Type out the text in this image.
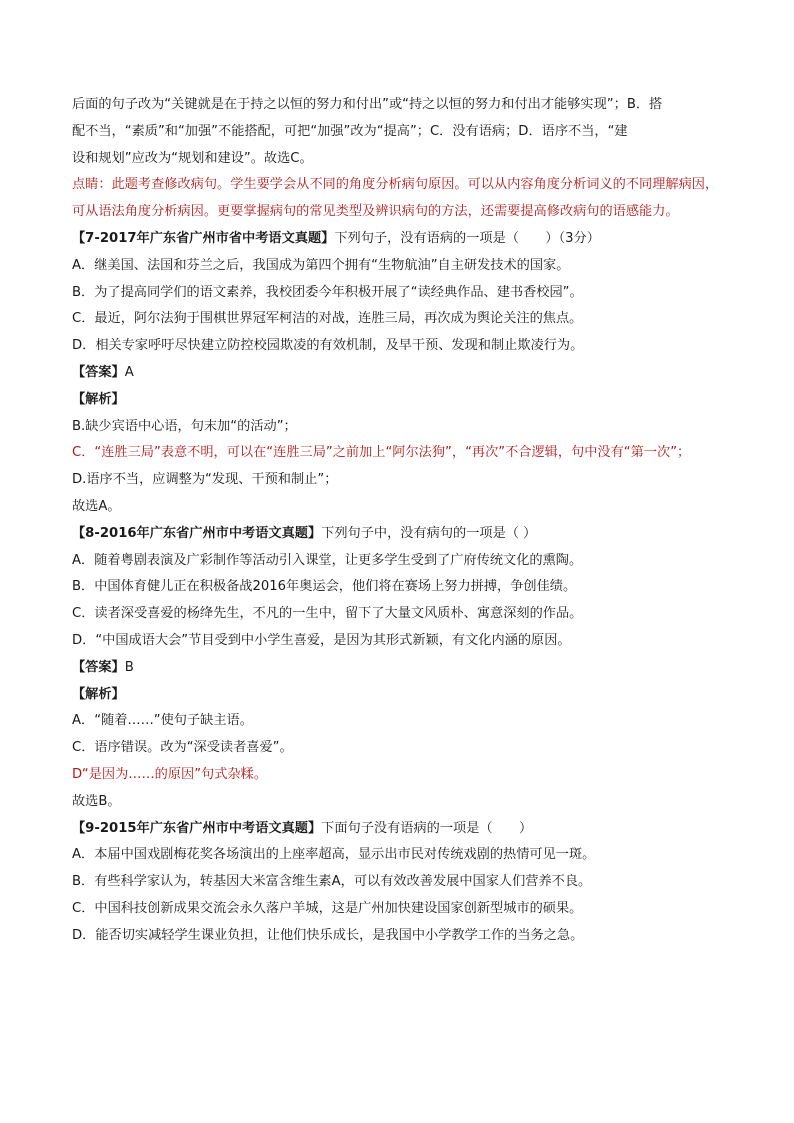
后面的句子改为“关键就是在于持之以恒的努力和付出”或“持之以恒的努力和付出才能够实现”；B．搭
配不当，“素质”和“加强”不能搭配，可把“加强”改为“提高”；C．没有语病；D．语序不当，“建
设和规划”应改为“规划和建设”。故选C。
点睛：此题考查修改病句。学生要学会从不同的角度分析病句原因。可以从内容角度分析词义的不同理解病因，可从语法角度分析病因。更要掌握病句的常见类型及辨识病句的方法，还需要提高修改病句的语感能力。
【7-2017年广东省广州市省中考语文真题】下列句子，没有语病的一项是（　　）（3分）
A．继美国、法国和芬兰之后，我国成为第四个拥有“生物航油”自主研发技术的国家。
B．为了提高同学们的语文素养，我校团委今年积极开展了“读经典作品、建书香校园”。
C．最近，阿尔法狗于围棋世界冠军柯洁的对战，连胜三局，再次成为舆论关注的焦点。
D．相关专家呼吁尽快建立防控校园欺凌的有效机制，及早干预、发现和制止欺凌行为。
【答案】A
【解析】
B.缺少宾语中心语，句末加“的活动”；
C．“连胜三局”表意不明，可以在“连胜三局”之前加上“阿尔法狗”，“再次”不合逻辑，句中没有“第一次”；
D.语序不当，应调整为“发现、干预和制止”；
故选A。
【8-2016年广东省广州市中考语文真题】下列句子中，没有病句的一项是（ ）
A．随着粤剧表演及广彩制作等活动引入课堂，让更多学生受到了广府传统文化的熏陶。
B．中国体育健儿正在积极备战2016年奥运会，他们将在赛场上努力拼搏，争创佳绩。
C．读者深受喜爱的杨绛先生，不凡的一生中，留下了大量文风质朴、寓意深刻的作品。
D．“中国成语大会”节目受到中小学生喜爱，是因为其形式新颖，有文化内涵的原因。
【答案】B
【解析】
A．“随着……”使句子缺主语。
C．语序错误。改为“深受读者喜爱”。
D“是因为……的原因”句式杂糅。
故选B。
【9-2015年广东省广州市中考语文真题】下面句子没有语病的一项是（　　）
A．本届中国戏剧梅花奖各场演出的上座率超高，显示出市民对传统戏剧的热情可见一斑。
B．有些科学家认为，转基因大米富含维生素A，可以有效改善发展中国家人们营养不良。
C．中国科技创新成果交流会永久落户羊城，这是广州加快建设国家创新型城市的硕果。
D．能否切实减轻学生课业负担，让他们快乐成长，是我国中小学教学工作的当务之急。
